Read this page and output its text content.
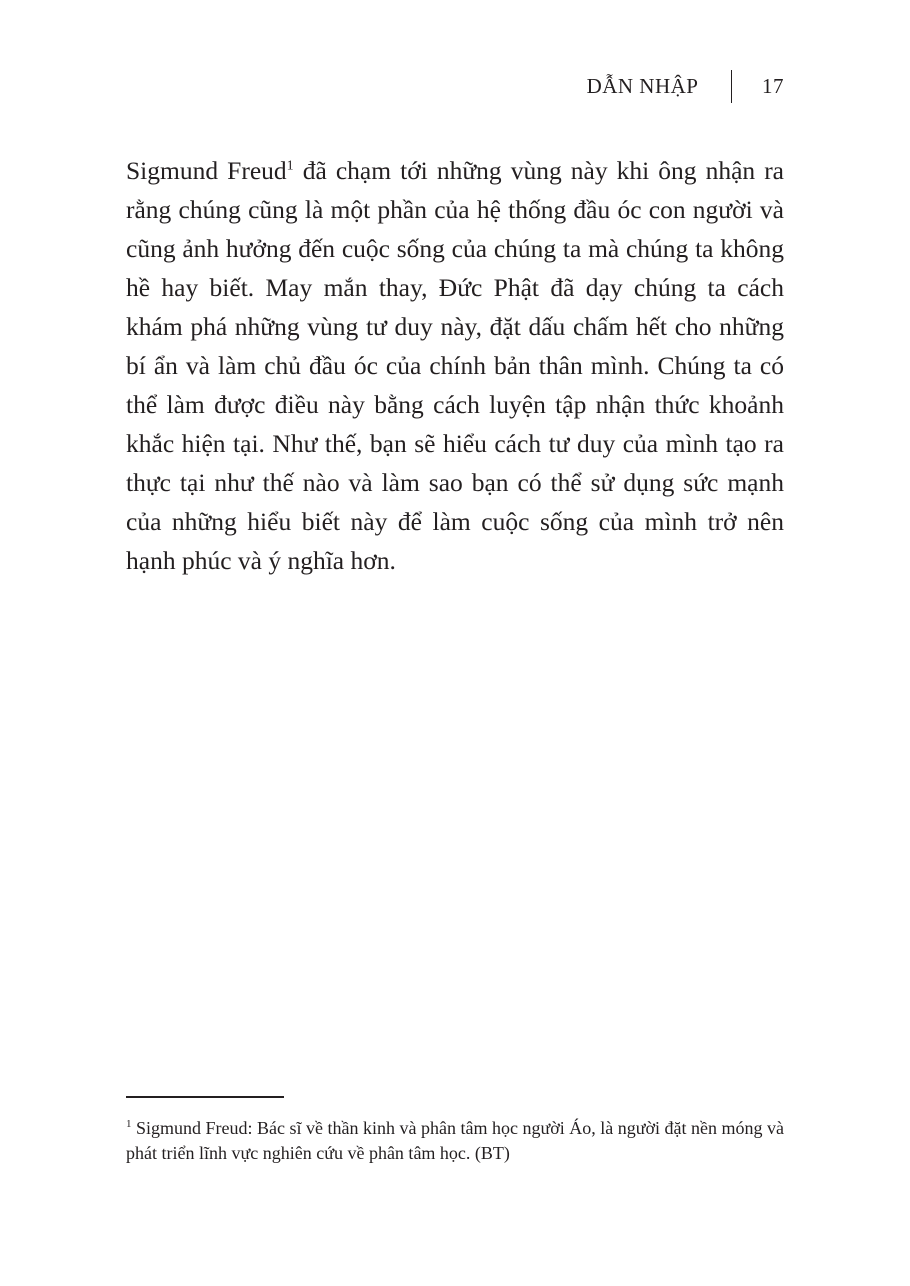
DẪN NHẬP	17

Sigmund Freud$^1$ đã chạm tới những vùng này khi ông nhận ra rằng chúng cũng là một phần của hệ thống đầu óc con người và cũng ảnh hưởng đến cuộc sống của chúng ta mà chúng ta không hề hay biết. May mắn thay, Đức Phật đã dạy chúng ta cách khám phá những vùng tư duy này, đặt dấu chấm hết cho những bí ẩn và làm chủ đầu óc của chính bản thân mình. Chúng ta có thể làm được điều này bằng cách luyện tập nhận thức khoảnh khắc hiện tại. Như thế, bạn sẽ hiểu cách tư duy của mình tạo ra thực tại như thế nào và làm sao bạn có thể sử dụng sức mạnh của những hiểu biết này để làm cuộc sống của mình trở nên hạnh phúc và ý nghĩa hơn.

$^1$ Sigmund Freud: Bác sĩ về thần kinh và phân tâm học người Áo, là người đặt nền móng và phát triển lĩnh vực nghiên cứu về phân tâm học. (BT)
